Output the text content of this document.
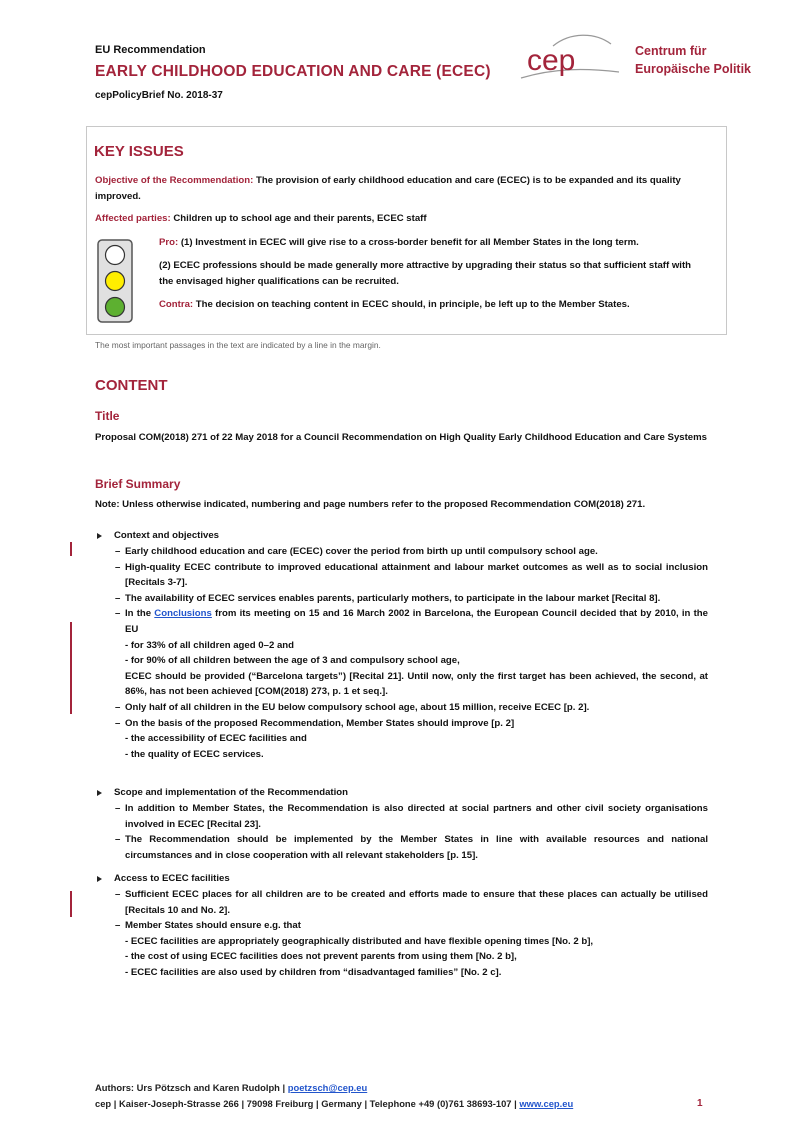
EU Recommendation
EARLY CHILDHOOD EDUCATION AND CARE (ECEC)
cepPolicyBrief No. 2018-37
cep	Centrum für
Europäische Politik
KEY ISSUES
Objective of the Recommendation: The provision of early childhood education and care (ECEC) is to be expanded and its quality improved.
Affected parties: Children up to school age and their parents, ECEC staff
Pro: (1) Investment in ECEC will give rise to a cross-border benefit for all Member States in the long term.
(2) ECEC professions should be made generally more attractive by upgrading their status so that sufficient staff with the envisaged higher qualifications can be recruited.
Contra: The decision on teaching content in ECEC should, in principle, be left up to the Member States.
The most important passages in the text are indicated by a line in the margin.
CONTENT
Title
Proposal COM(2018) 271 of 22 May 2018 for a Council Recommendation on High Quality Early Childhood Education and Care Systems
Brief Summary
Note: Unless otherwise indicated, numbering and page numbers refer to the proposed Recommendation COM(2018) 271.
Context and objectives
– Early childhood education and care (ECEC) cover the period from birth up until compulsory school age.
– High-quality ECEC contribute to improved educational attainment and labour market outcomes as well as to social inclusion [Recitals 3-7].
– The availability of ECEC services enables parents, particularly mothers, to participate in the labour market [Recital 8].
– In the Conclusions from its meeting on 15 and 16 March 2002 in Barcelona, the European Council decided that by 2010, in the EU
- for 33% of all children aged 0–2 and
- for 90% of all children between the age of 3 and compulsory school age,
ECEC should be provided (“Barcelona targets”) [Recital 21]. Until now, only the first target has been achieved, the second, at 86%, has not been achieved [COM(2018) 273, p. 1 et seq.].
– Only half of all children in the EU below compulsory school age, about 15 million, receive ECEC [p. 2].
– On the basis of the proposed Recommendation, Member States should improve [p. 2]
- the accessibility of ECEC facilities and
- the quality of ECEC services.
Scope and implementation of the Recommendation
– In addition to Member States, the Recommendation is also directed at social partners and other civil society organisations involved in ECEC [Recital 23].
– The Recommendation should be implemented by the Member States in line with available resources and national circumstances and in close cooperation with all relevant stakeholders [p. 15].
Access to ECEC facilities
– Sufficient ECEC places for all children are to be created and efforts made to ensure that these places can actually be utilised [Recitals 10 and No. 2].
– Member States should ensure e.g. that
- ECEC facilities are appropriately geographically distributed and have flexible opening times [No. 2 b],
- the cost of using ECEC facilities does not prevent parents from using them [No. 2 b],
- ECEC facilities are also used by children from “disadvantaged families” [No. 2 c].
Authors: Urs Pötzsch and Karen Rudolph | poetzsch@cep.eu
cep | Kaiser-Joseph-Strasse 266 | 79098 Freiburg | Germany | Telephone +49 (0)761 38693-107 | www.cep.eu	1
